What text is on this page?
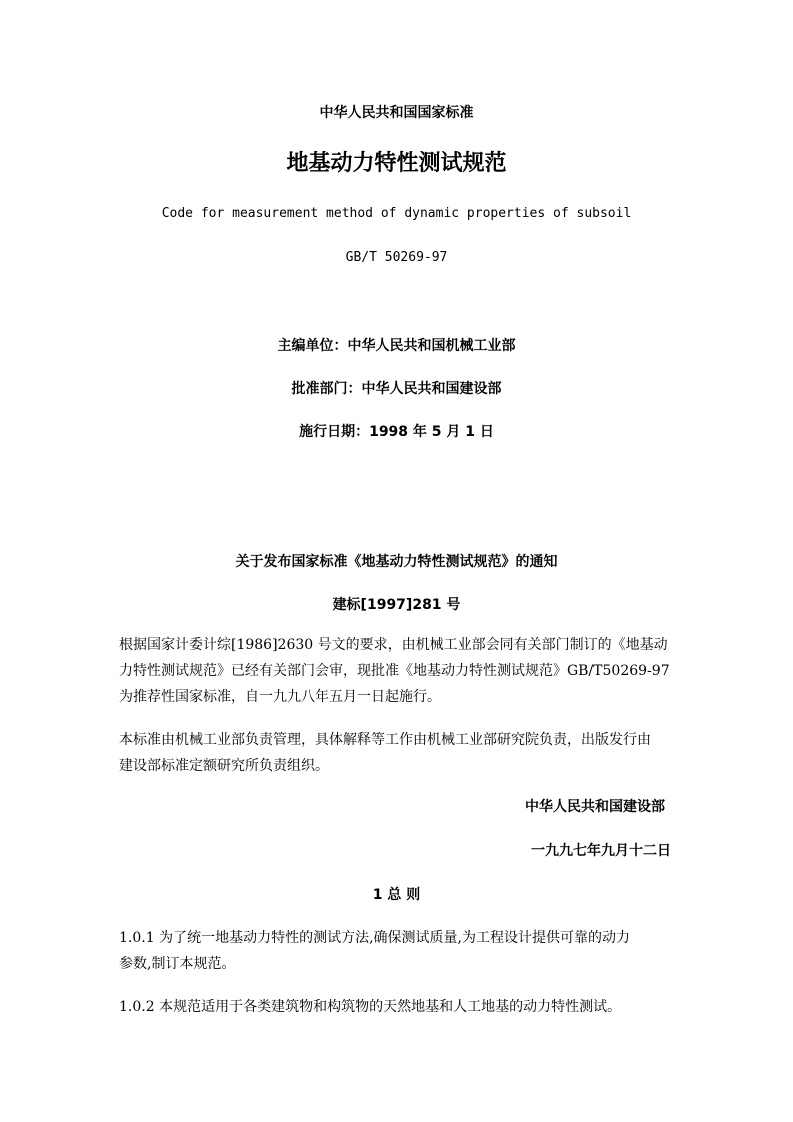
中华人民共和国国家标准
地基动力特性测试规范
Code for measurement method of dynamic properties of subsoil
GB/T 50269-97
主编单位：中华人民共和国机械工业部
批准部门：中华人民共和国建设部
施行日期：1998 年 5 月 1 日
关于发布国家标准《地基动力特性测试规范》的通知
建标[1997]281 号
根据国家计委计综[1986]2630 号文的要求，由机械工业部会同有关部门制订的《地基动
力特性测试规范》已经有关部门会审，现批准《地基动力特性测试规范》GB/T50269-97
为推荐性国家标准，自一九九八年五月一日起施行。
本标准由机械工业部负责管理，具体解释等工作由机械工业部研究院负责，出版发行由
建设部标准定额研究所负责组织。
中华人民共和国建设部
一九九七年九月十二日
1 总 则
1.0.1 为了统一地基动力特性的测试方法,确保测试质量,为工程设计提供可靠的动力
参数,制订本规范。
1.0.2 本规范适用于各类建筑物和构筑物的天然地基和人工地基的动力特性测试。
